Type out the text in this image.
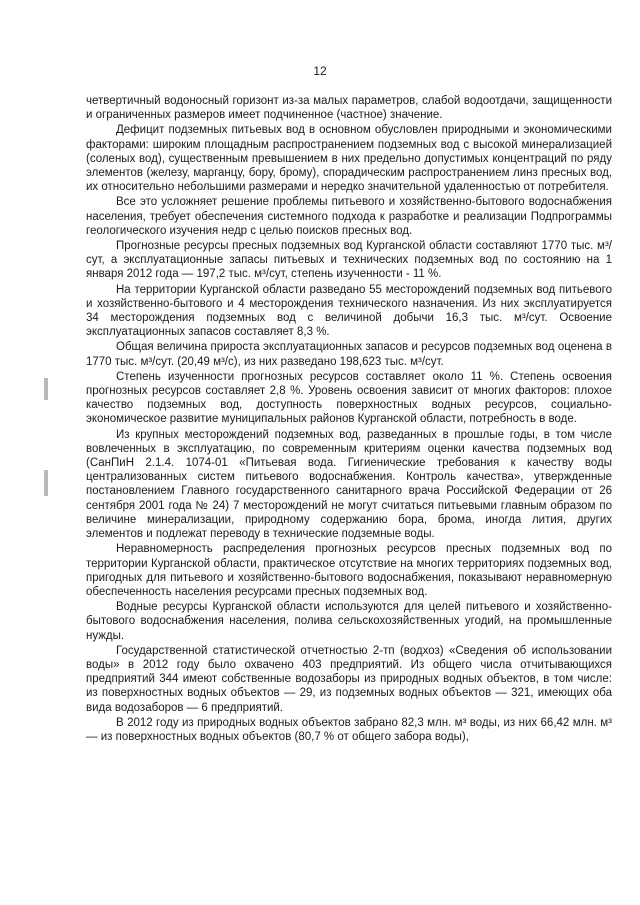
12

четвертичный водоносный горизонт из-за малых параметров, слабой водоотдачи, защищенности и ограниченных размеров имеет подчиненное (частное) значение.

Дефицит подземных питьевых вод в основном обусловлен природными и экономическими факторами: широким площадным распространением подземных вод с высокой минерализацией (соленых вод), существенным превышением в них предельно допустимых концентраций по ряду элементов (железу, марганцу, бору, брому), спорадическим распространением линз пресных вод, их относительно небольшими размерами и нередко значительной удаленностью от потребителя.

Все это усложняет решение проблемы питьевого и хозяйственно-бытового водоснабжения населения, требует обеспечения системного подхода к разработке и реализации Подпрограммы геологического изучения недр с целью поисков пресных вод.

Прогнозные ресурсы пресных подземных вод Курганской области составляют 1770 тыс. м³/сут, а эксплуатационные запасы питьевых и технических подземных вод по состоянию на 1 января 2012 года — 197,2 тыс. м³/сут, степень изученности - 11 %.

На территории Курганской области разведано 55 месторождений подземных вод питьевого и хозяйственно-бытового и 4 месторождения технического назначения. Из них эксплуатируется 34 месторождения подземных вод с величиной добычи 16,3 тыс. м³/сут. Освоение эксплуатационных запасов составляет 8,3 %.

Общая величина прироста эксплуатационных запасов и ресурсов подземных вод оценена в 1770 тыс. м³/сут. (20,49 м³/с), из них разведано 198,623 тыс. м³/сут.

Степень изученности прогнозных ресурсов составляет около 11 %. Степень освоения прогнозных ресурсов составляет 2,8 %. Уровень освоения зависит от многих факторов: плохое качество подземных вод, доступность поверхностных водных ресурсов, социально-экономическое развитие муниципальных районов Курганской области, потребность в воде.

Из крупных месторождений подземных вод, разведанных в прошлые годы, в том числе вовлеченных в эксплуатацию, по современным критериям оценки качества подземных вод (СанПиН 2.1.4. 1074-01 «Питьевая вода. Гигиенические требования к качеству воды централизованных систем питьевого водоснабжения. Контроль качества», утвержденные постановлением Главного государственного санитарного врача Российской Федерации от 26 сентября 2001 года № 24) 7 месторождений не могут считаться питьевыми главным образом по величине минерализации, природному содержанию бора, брома, иногда лития, других элементов и подлежат переводу в технические подземные воды.

Неравномерность распределения прогнозных ресурсов пресных подземных вод по территории Курганской области, практическое отсутствие на многих территориях подземных вод, пригодных для питьевого и хозяйственно-бытового водоснабжения, показывают неравномерную обеспеченность населения ресурсами пресных подземных вод.

Водные ресурсы Курганской области используются для целей питьевого и хозяйственно-бытового водоснабжения населения, полива сельскохозяйственных угодий, на промышленные нужды.

Государственной статистической отчетностью 2-тп (водхоз) «Сведения об использовании воды» в 2012 году было охвачено 403 предприятий. Из общего числа отчитывающихся предприятий 344 имеют собственные водозаборы из природных водных объектов, в том числе: из поверхностных водных объектов — 29, из подземных водных объектов — 321, имеющих оба вида водозаборов — 6 предприятий.

В 2012 году из природных водных объектов забрано 82,3 млн. м³ воды, из них 66,42 млн. м³ — из поверхностных водных объектов (80,7 % от общего забора воды),
